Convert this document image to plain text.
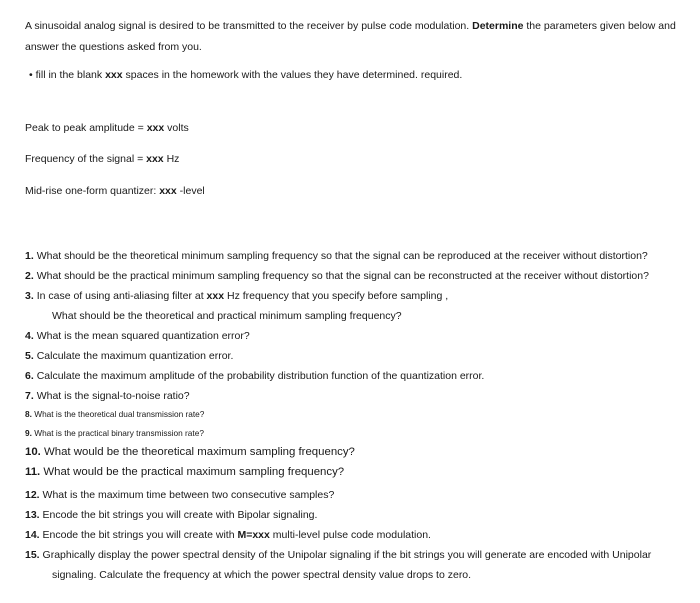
A sinusoidal analog signal is desired to be transmitted to the receiver by pulse code modulation. Determine the parameters given below and
answer the questions asked from you.
• fill in the blank xxx spaces in the homework with the values they have determined. required.
Peak to peak amplitude = xxx volts
Frequency of the signal = xxx Hz
Mid-rise one-form quantizer: xxx -level
1. What should be the theoretical minimum sampling frequency so that the signal can be reproduced at the receiver without distortion?
2. What should be the practical minimum sampling frequency so that the signal can be reconstructed at the receiver without distortion?
3. In case of using anti-aliasing filter at xxx Hz frequency that you specify before sampling ,
What should be the theoretical and practical minimum sampling frequency?
4. What is the mean squared quantization error?
5. Calculate the maximum quantization error.
6. Calculate the maximum amplitude of the probability distribution function of the quantization error.
7. What is the signal-to-noise ratio?
8. What is the theoretical dual transmission rate?
9. What is the practical binary transmission rate?
10. What would be the theoretical maximum sampling frequency?
11. What would be the practical maximum sampling frequency?
12. What is the maximum time between two consecutive samples?
13. Encode the bit strings you will create with Bipolar signaling.
14. Encode the bit strings you will create with M=xxx multi-level pulse code modulation.
15. Graphically display the power spectral density of the Unipolar signaling if the bit strings you will generate are encoded with Unipolar
signaling. Calculate the frequency at which the power spectral density value drops to zero.
